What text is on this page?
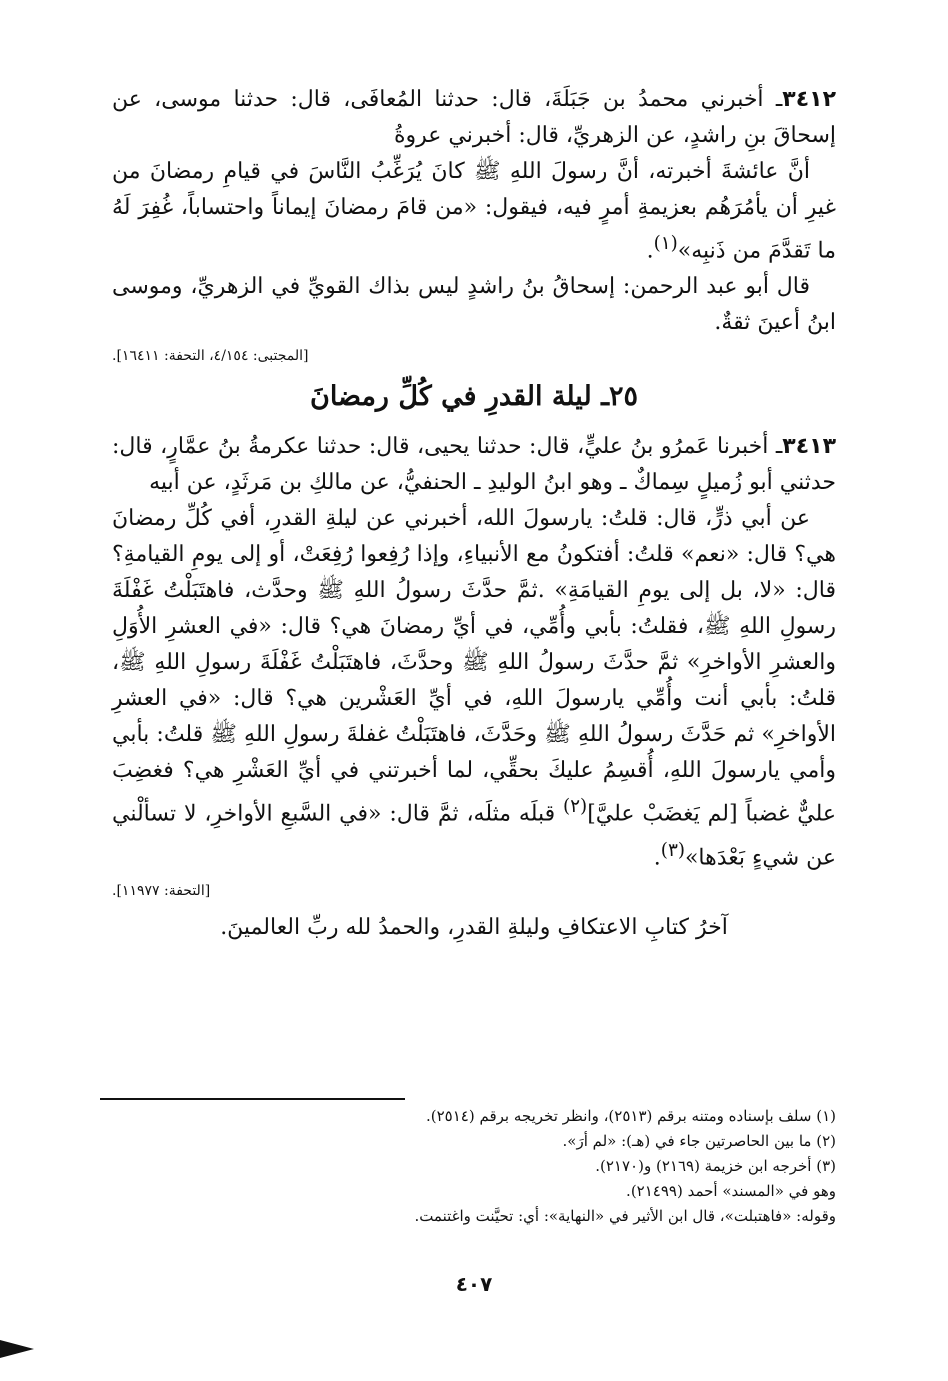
٣٤١٢ـ أخبرني محمدُ بن جَبَلَةَ، قال: حدثنا المُعافَى، قال: حدثنا موسى، عن إسحاقَ بنِ راشدٍ، عن الزهريِّ، قال: أخبرني عروةُ

أنَّ عائشةَ أخبرته، أنَّ رسولَ اللهِ ﷺ كانَ يُرَغِّبُ النَّاسَ في قيامِ رمضانَ من غيرِ أن يأمُرَهُم بعزيمةِ أمرٍ فيه، فيقول: «من قامَ رمضانَ إيماناً واحتساباً، غُفِرَ لَهُ ما تَقدَّمَ من ذَنبِه»$^{(١)}$.

قال أبو عبد الرحمن: إسحاقُ بنُ راشدٍ ليس بذاك القويِّ في الزهريِّ، وموسى ابنُ أعينَ ثقةٌ.

[المجتبى: ٤/١٥٤، التحفة: ١٦٤١١].

٢٥ـ ليلة القدرِ في كُلِّ رمضانَ

٣٤١٣ـ أخبرنا عَمرُو بنُ عليٍّ، قال: حدثنا يحيى، قال: حدثنا عكرمةُ بنُ عمَّارٍ، قال: حدثني أبو زُميلٍ سِماكٌ ـ وهو ابنُ الوليدِ ـ الحنفيُّ، عن مالكِ بن مَرثَدٍ، عن أبيه

عن أبي ذرٍّ، قال: قلتُ: يارسولَ الله، أخبرني عن ليلةِ القدرِ، أفي كُلِّ رمضانَ هي؟ قال: «نعم» قلتُ: أفتكونُ مع الأنبياءِ، وإذا رُفِعوا رُفِعَتْ، أو إلى يومِ القيامةِ؟ قال: «لا، بل إلى يومِ القيامَةِ» .ثمَّ حدَّثَ رسولُ اللهِ ﷺ وحدَّث، فاهتَبَلْتُ غَفْلَةَ رسولِ اللهِ ﷺ، فقلتُ: بأبي وأُمِّي، في أيِّ رمضانَ هي؟ قال: «في العشرِ الأُوَلِ والعشرِ الأواخرِ» ثمَّ حدَّثَ رسولُ اللهِ ﷺ وحدَّثَ، فاهتَبَلْتُ غَفْلَةَ رسولِ اللهِ ﷺ، قلتُ: بأبي أنت وأُمِّي يارسولَ اللهِ، في أيِّ العَشْرين هي؟ قال: «في العشرِ الأواخرِ» ثم حَدَّثَ رسولُ اللهِ ﷺ وحَدَّثَ، فاهتَبَلْتُ غفلةَ رسولِ اللهِ ﷺ قلتُ: بأبي وأمي يارسولَ اللهِ، أُقسِمُ عليكَ بحقِّي، لما أخبرتني في أيِّ العَشْرِ هي؟ فغضِبَ عليٌّ غضباً [لم يَغضَبْ عليَّ]$^{(٢)}$ قبلَه مثلَه، ثمَّ قال: «في السَّبعِ الأواخرِ، لا تسألْني عن شيءٍ بَعْدَها»$^{(٣)}$.

[التحفة: ١١٩٧٧].

آخرُ كتابِ الاعتكافِ وليلةِ القدرِ، والحمدُ لله ربِّ العالمينَ.

(١) سلف بإسناده ومتنه برقم (٢٥١٣)، وانظر تخريجه برقم (٢٥١٤).

(٢) ما بين الحاصرتين جاء في (هـ): «لم أرَ».

(٣) أخرجه ابن خزيمة (٢١٦٩) و(٢١٧٠).

وهو في «المسند» أحمد (٢١٤٩٩).

وقوله: «فاهتبلت»، قال ابن الأثير في «النهاية»: أي: تحيَّنت واغتنمت.

٤٠٧
